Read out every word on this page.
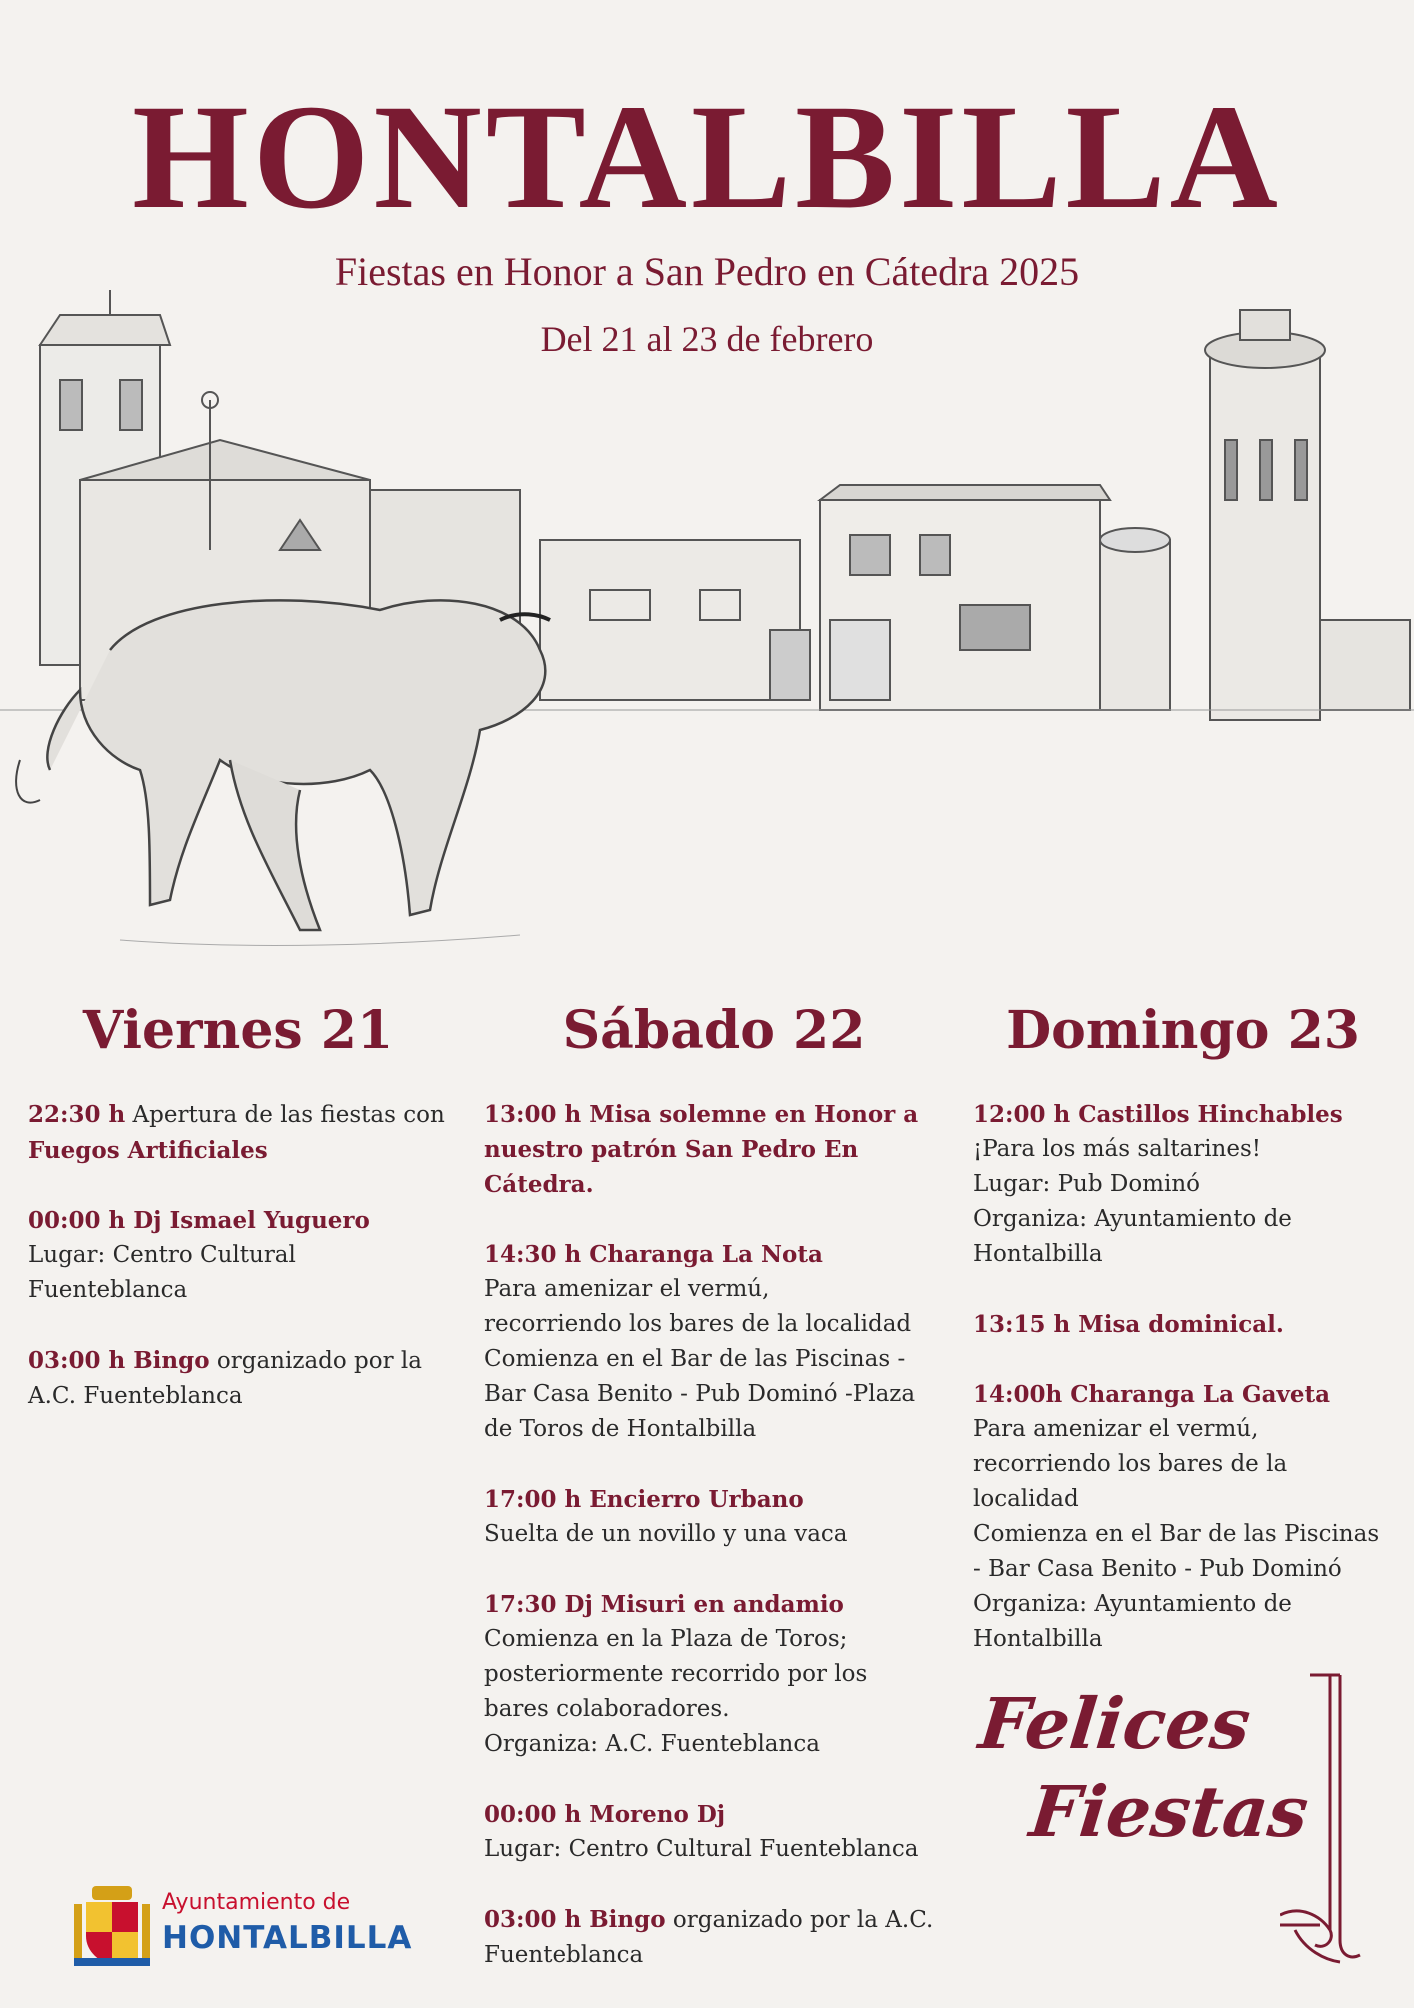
HONTALBILLA
Fiestas en Honor a San Pedro en Cátedra 2025
Del 21 al 23 de febrero
Viernes 21
22:30 h Apertura de las fiestas con
Fuegos Artificiales
00:00 h Dj Ismael Yuguero
Lugar: Centro Cultural
Fuenteblanca
03:00 h Bingo organizado por la
A.C. Fuenteblanca
Sábado 22
13:00 h Misa solemne en Honor a
nuestro patrón San Pedro En
Cátedra.
14:30 h Charanga La Nota
Para amenizar el vermú,
recorriendo los bares de la localidad
Comienza en el Bar de las Piscinas -
Bar Casa Benito - Pub Dominó -Plaza
de Toros de Hontalbilla
17:00 h Encierro Urbano
Suelta de un novillo y una vaca
17:30 Dj Misuri en andamio
Comienza en la Plaza de Toros;
posteriormente recorrido por los
bares colaboradores.
Organiza: A.C. Fuenteblanca
00:00 h Moreno Dj
Lugar: Centro Cultural Fuenteblanca
03:00 h Bingo organizado por la A.C.
Fuenteblanca
Domingo 23
12:00 h Castillos Hinchables
¡Para los más saltarines!
Lugar: Pub Dominó
Organiza: Ayuntamiento de
Hontalbilla
13:15 h Misa dominical.
14:00h Charanga La Gaveta
Para amenizar el vermú,
recorriendo los bares de la
localidad
Comienza en el Bar de las Piscinas
- Bar Casa Benito - Pub Dominó
Organiza: Ayuntamiento de
Hontalbilla
Felices
Fiestas
Ayuntamiento de
HONTALBILLA
